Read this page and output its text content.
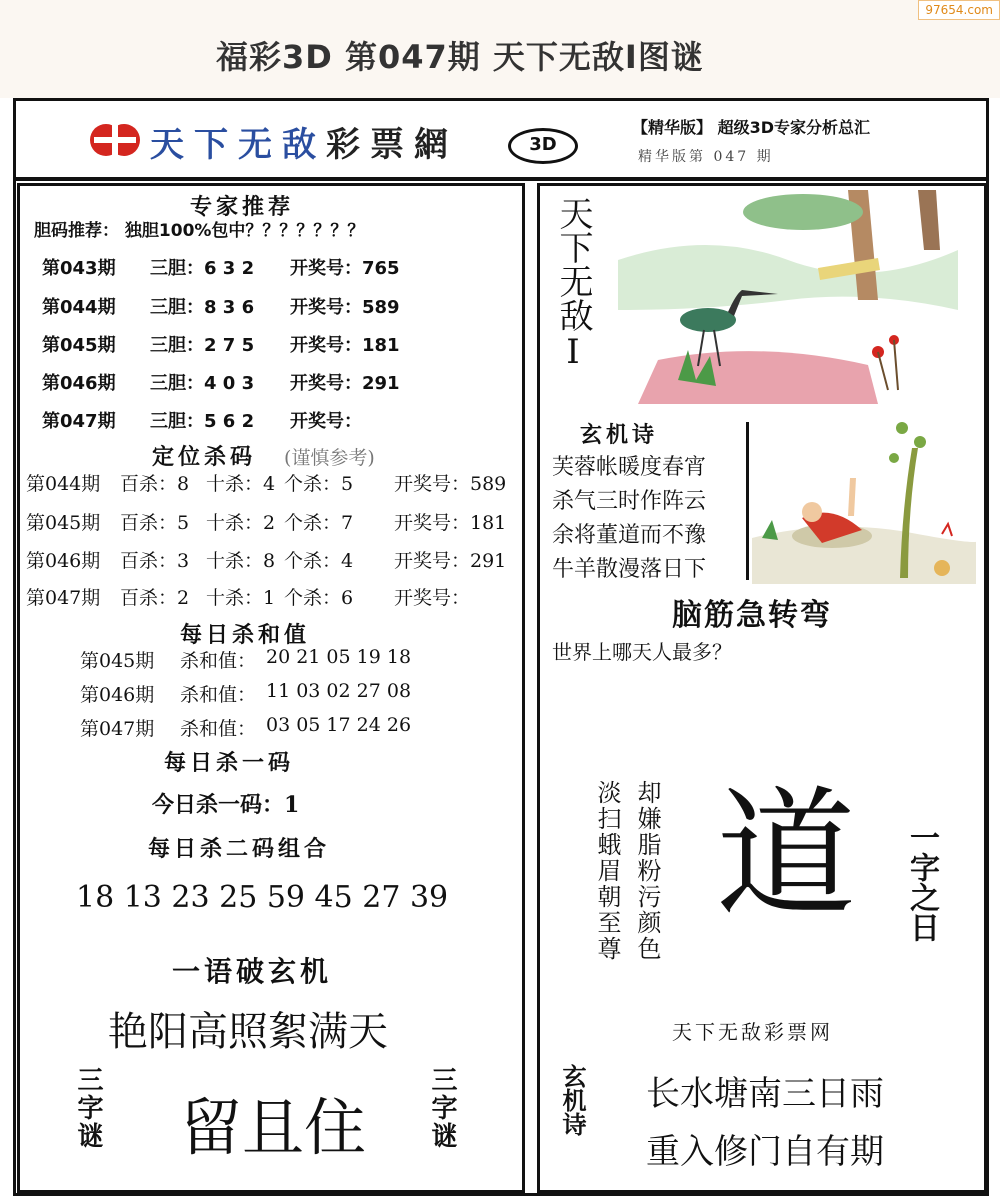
97654.com
福彩3D 第047期 天下无敌Ⅰ图谜
天下无敌彩票網	3D
【精华版】 超级3D专家分析总汇
精华版第 047 期
专家推荐
胆码推荐： 独胆100%包中？？？？？？？
第043期 三胆：6 3 2 开奖号：765
第044期 三胆：8 3 6 开奖号：589
第045期 三胆：2 7 5 开奖号：181
第046期 三胆：4 0 3 开奖号：291
第047期 三胆：5 6 2 开奖号：
定位杀码 (谨慎参考)
第044期 百杀：8 十杀：4 个杀：5 开奖号：589
第045期 百杀：5 十杀：2 个杀：7 开奖号：181
第046期 百杀：3 十杀：8 个杀：4 开奖号：291
第047期 百杀：2 十杀：1 个杀：6 开奖号：
每日杀和值
第045期 杀和值： 20 21 05 19 18
第046期 杀和值： 11 03 02 27 08
第047期 杀和值： 03 05 17 24 26
每日杀一码
今日杀一码：1
每日杀二码组合
18 13 23 25 59 45 27 39
一语破玄机
艳阳高照絮满天
三字谜 留且住 三字谜
天下无敌Ⅰ
玄机诗
芙蓉帐暖度春宵
杀气三时作阵云
余将董道而不豫
牛羊散漫落日下
脑筋急转弯
世界上哪天人最多？
却嫌脂粉污颜色
淡扫蛾眉朝至尊 道 一字之日
天下无敌彩票网
玄机诗 长水塘南三日雨
重入修门自有期
